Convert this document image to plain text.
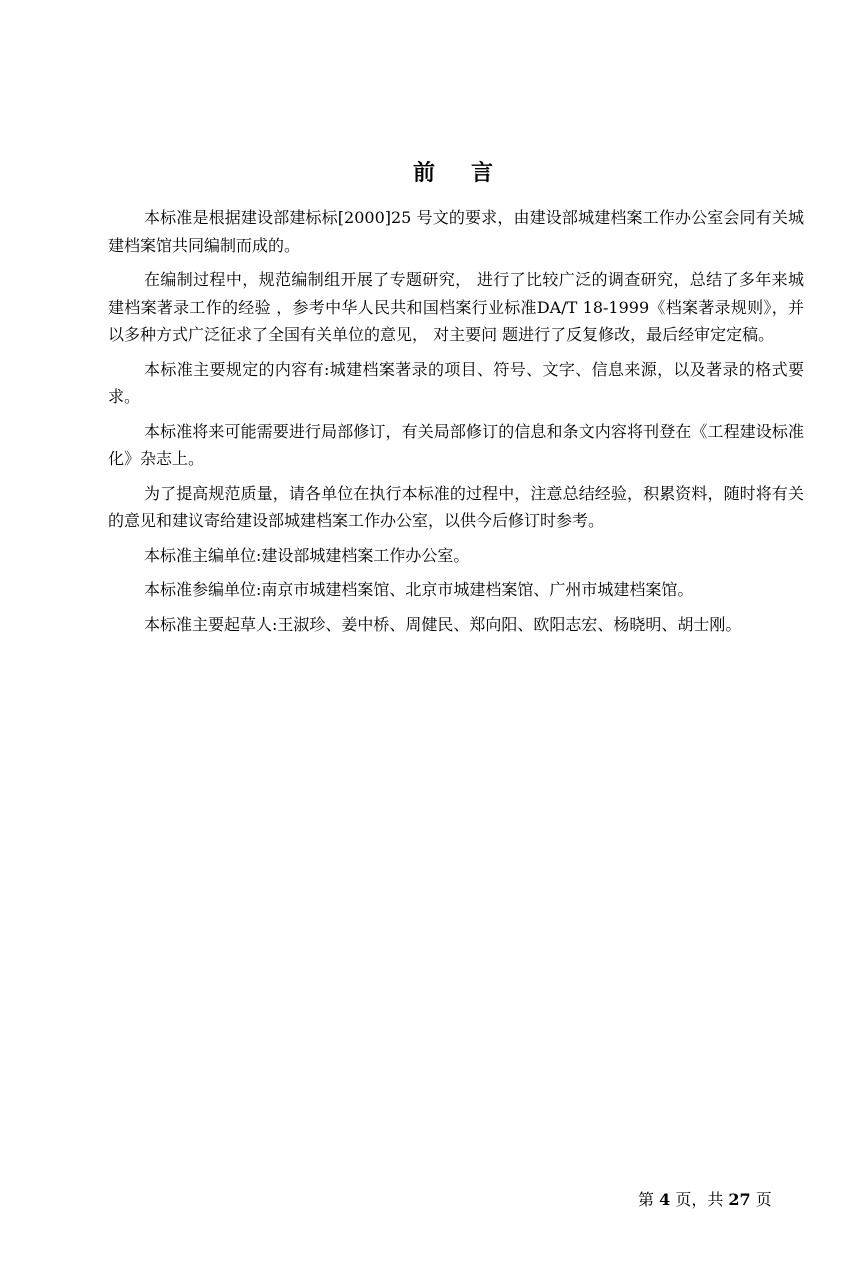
前言

本标准是根据建设部建标标[2000]25 号文的要求，由建设部城建档案工作办公室会同有关城建档案馆共同编制而成的。

在编制过程中，规范编制组开展了专题研究， 进行了比较广泛的调查研究，总结了多年来城建档案著录工作的经验 ，参考中华人民共和国档案行业标准DA/T 18-1999《档案著录规则》，并以多种方式广泛征求了全国有关单位的意见， 对主要问 题进行了反复修改，最后经审定定稿。

本标准主要规定的内容有:城建档案著录的项目、符号、文字、信息来源，以及著录的格式要求。

本标准将来可能需要进行局部修订，有关局部修订的信息和条文内容将刊登在《工程建设标准化》杂志上。

为了提高规范质量，请各单位在执行本标准的过程中，注意总结经验，积累资料，随时将有关的意见和建议寄给建设部城建档案工作办公室，以供今后修订时参考。

本标准主编单位:建设部城建档案工作办公室。

本标准参编单位:南京市城建档案馆、北京市城建档案馆、广州市城建档案馆。

本标准主要起草人:王淑珍、姜中桥、周健民、郑向阳、欧阳志宏、杨晓明、胡士刚。

第 4 页，共 27 页
